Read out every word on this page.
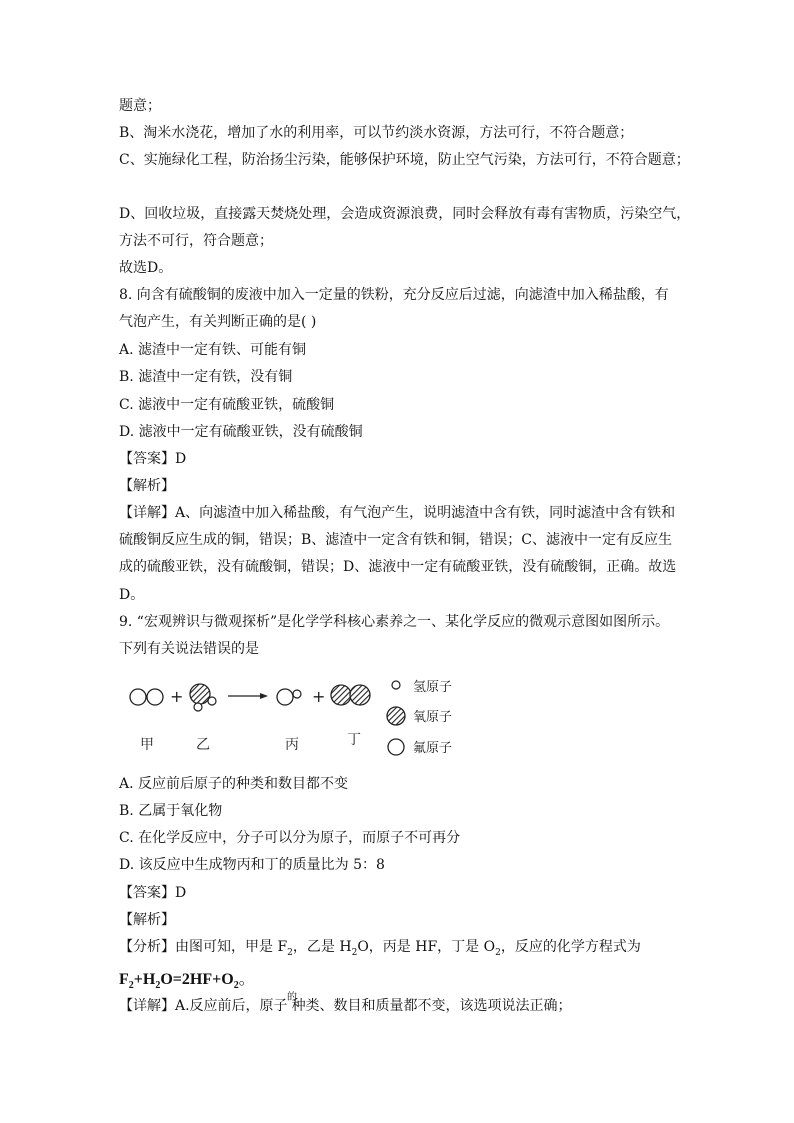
题意；
B、淘米水浇花，增加了水的利用率，可以节约淡水资源，方法可行，不符合题意；
C、实施绿化工程，防治扬尘污染，能够保护环境，防止空气污染，方法可行，不符合题意；
D、回收垃圾，直接露天焚烧处理，会造成资源浪费，同时会释放有毒有害物质，污染空气，
方法不可行，符合题意；
故选D。
8. 向含有硫酸铜的废液中加入一定量的铁粉，充分反应后过滤，向滤渣中加入稀盐酸，有
气泡产生，有关判断正确的是( )
A. 滤渣中一定有铁、可能有铜
B. 滤渣中一定有铁，没有铜
C. 滤液中一定有硫酸亚铁，硫酸铜
D. 滤液中一定有硫酸亚铁，没有硫酸铜
【答案】D
【解析】
【详解】A、向滤渣中加入稀盐酸，有气泡产生，说明滤渣中含有铁，同时滤渣中含有铁和
硫酸铜反应生成的铜，错误；B、滤渣中一定含有铁和铜，错误；C、滤液中一定有反应生
成的硫酸亚铁，没有硫酸铜，错误；D、滤液中一定有硫酸亚铁，没有硫酸铜，正确。故选
D。
9. “宏观辨识与微观探析”是化学学科核心素养之一、某化学反应的微观示意图如图所示。
下列有关说法错误的是
+	+	氢原子
氧原子
氟原子
甲	乙	丙	丁
A. 反应前后原子的种类和数目都不变
B. 乙属于氧化物
C. 在化学反应中，分子可以分为原子，而原子不可再分
D. 该反应中生成物丙和丁的质量比为 5：8
【答案】D
【解析】
【分析】由图可知，甲是 $F_2$，乙是 $H_2O$，丙是 HF，丁是 $O_2$，反应的化学方程式为
$F_2+H_2O=2HF+O_2$。
的
【详解】A.反应前后，原子 种类、数目和质量都不变，该选项说法正确；
